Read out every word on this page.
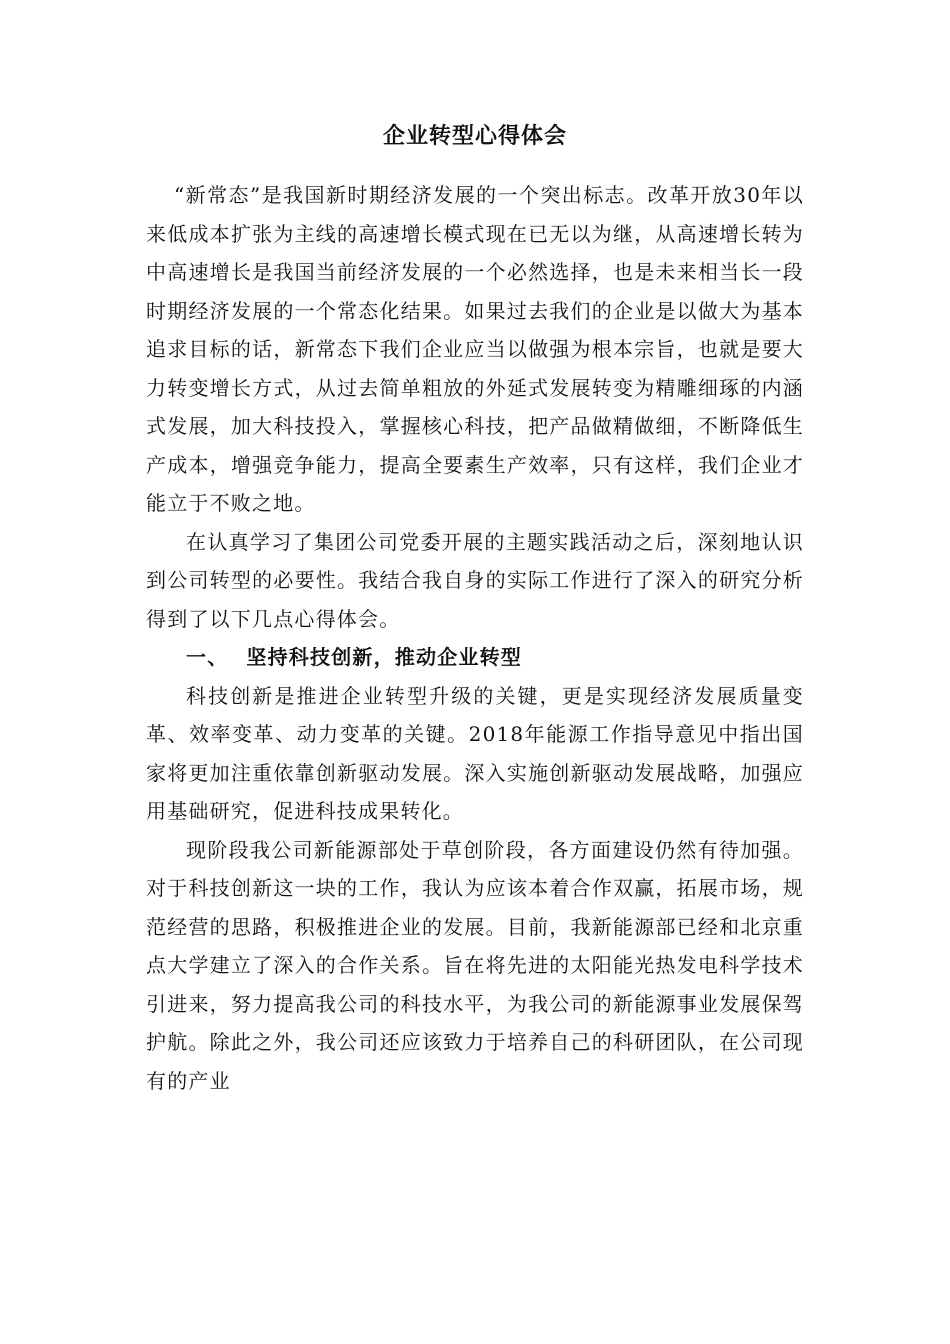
企业转型心得体会

“新常态”是我国新时期经济发展的一个突出标志。改革开放30年以来低成本扩张为主线的高速增长模式现在已无以为继，从高速增长转为中高速增长是我国当前经济发展的一个必然选择，也是未来相当长一段时期经济发展的一个常态化结果。如果过去我们的企业是以做大为基本追求目标的话，新常态下我们企业应当以做强为根本宗旨，也就是要大力转变增长方式，从过去简单粗放的外延式发展转变为精雕细琢的内涵式发展，加大科技投入，掌握核心科技，把产品做精做细，不断降低生产成本，增强竞争能力，提高全要素生产效率，只有这样，我们企业才能立于不败之地。

在认真学习了集团公司党委开展的主题实践活动之后，深刻地认识到公司转型的必要性。我结合我自身的实际工作进行了深入的研究分析得到了以下几点心得体会。

一、 坚持科技创新，推动企业转型

科技创新是推进企业转型升级的关键，更是实现经济发展质量变革、效率变革、动力变革的关键。2018年能源工作指导意见中指出国家将更加注重依靠创新驱动发展。深入实施创新驱动发展战略，加强应用基础研究，促进科技成果转化。

现阶段我公司新能源部处于草创阶段，各方面建设仍然有待加强。对于科技创新这一块的工作，我认为应该本着合作双赢，拓展市场，规范经营的思路，积极推进企业的发展。目前，我新能源部已经和北京重点大学建立了深入的合作关系。旨在将先进的太阳能光热发电科学技术引进来，努力提高我公司的科技水平，为我公司的新能源事业发展保驾护航。除此之外，我公司还应该致力于培养自己的科研团队，在公司现有的产业
